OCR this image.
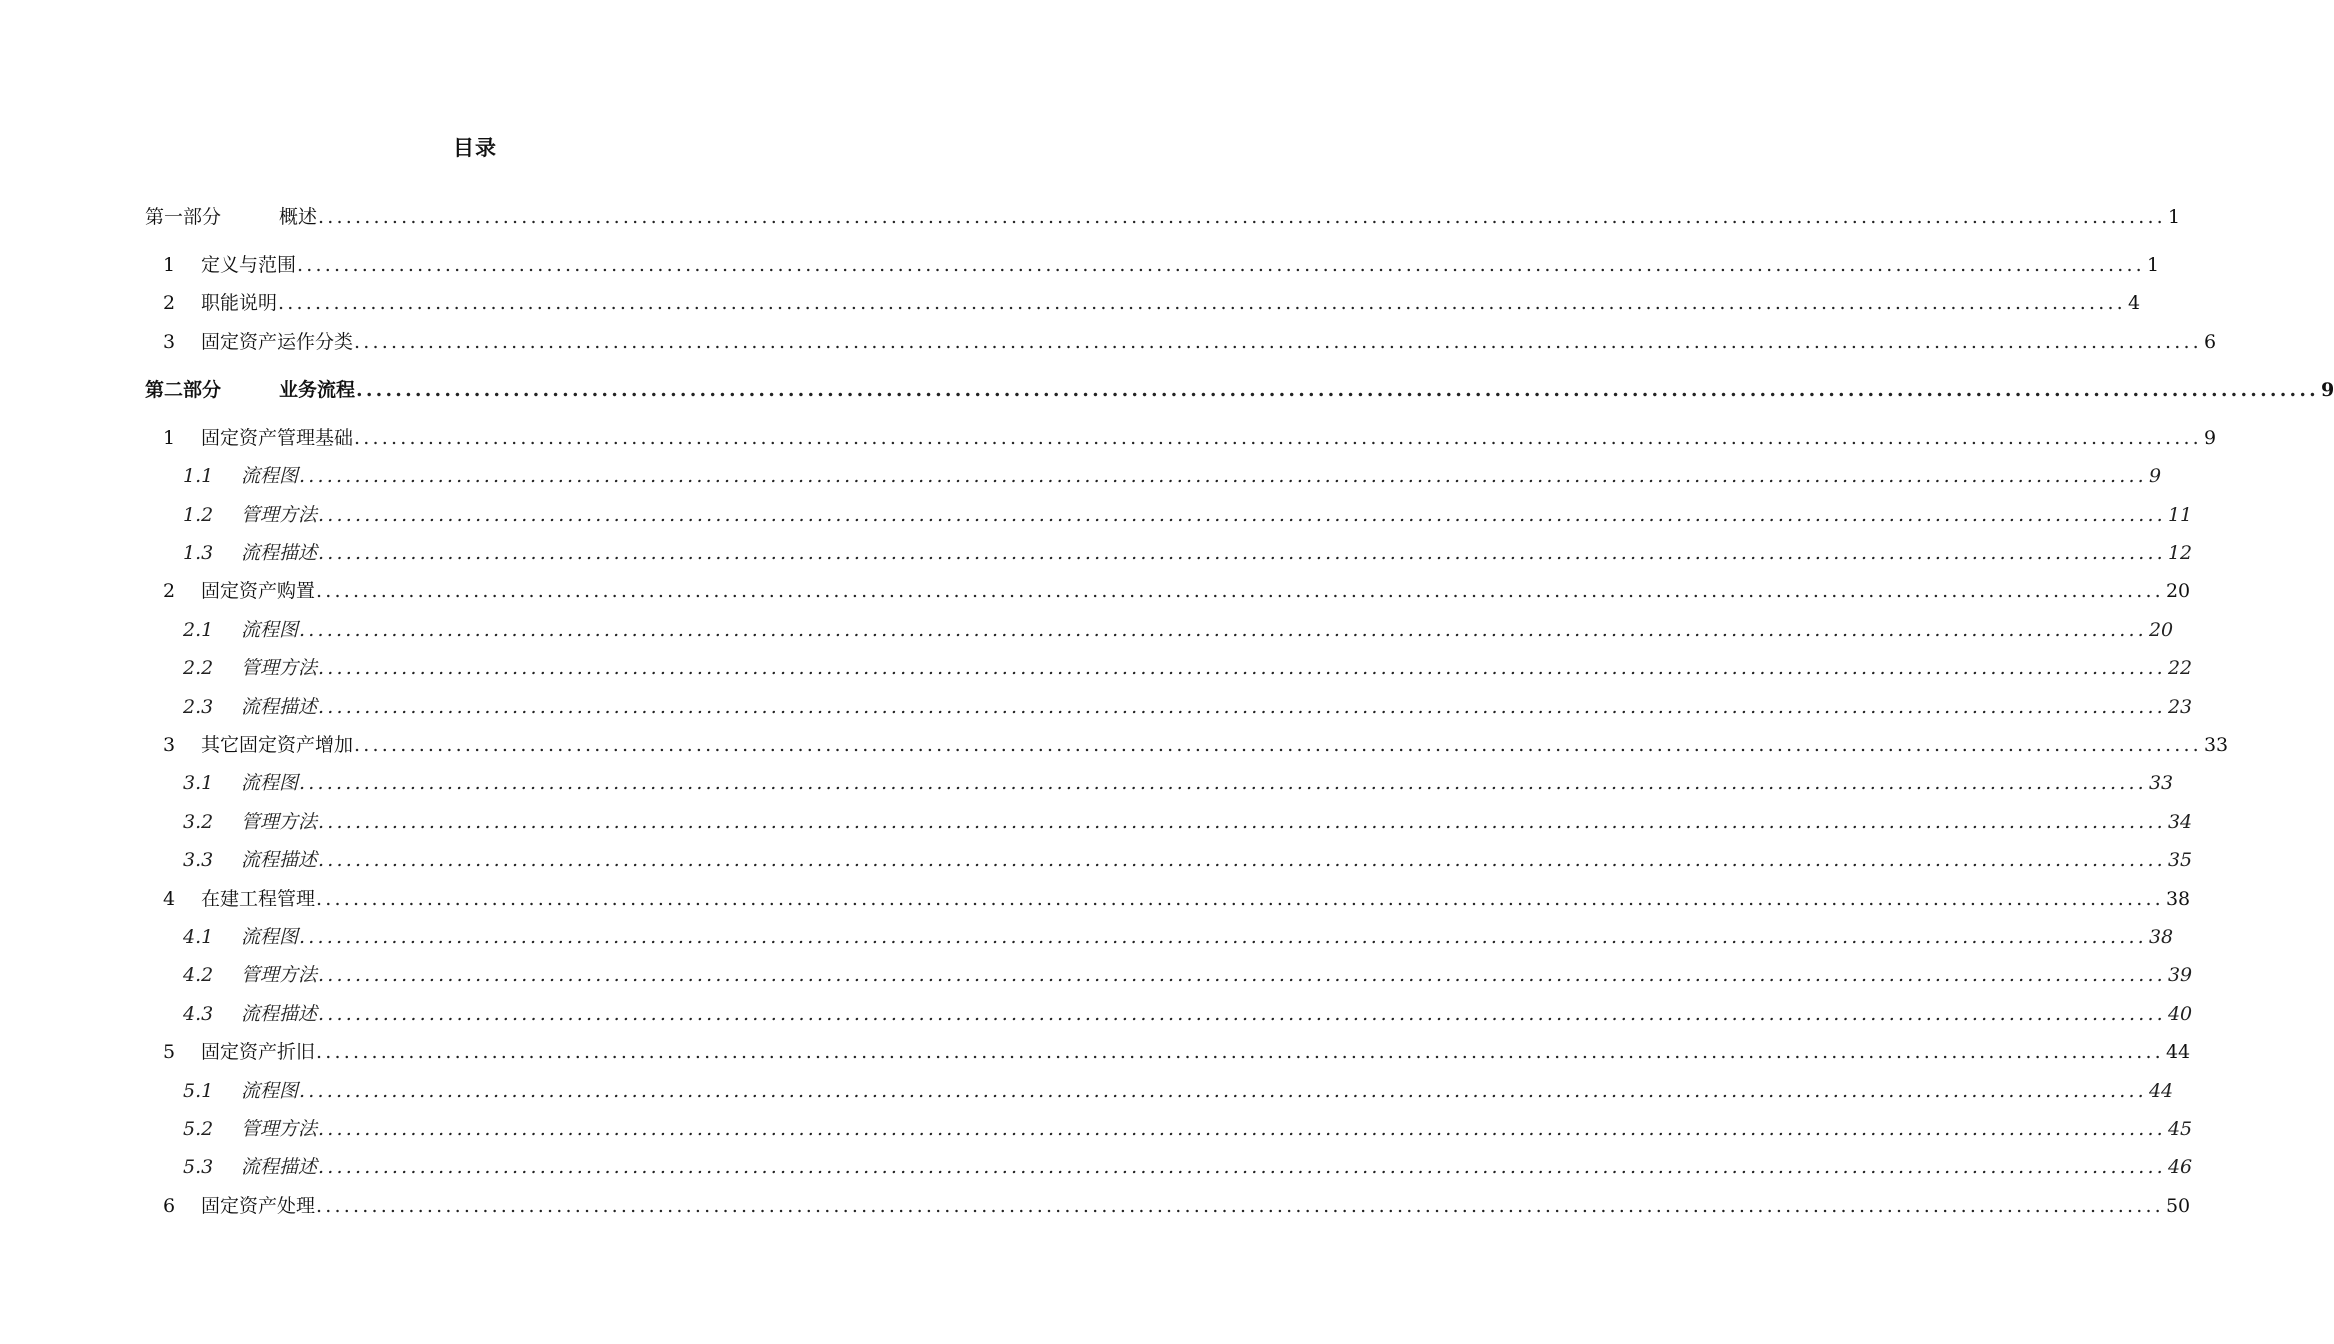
目录
第一部分	概述 ........................................................................................................................................................................................................ 1
1	定义与范围 ........................................................................................................................................................................................................ 1
2	职能说明 ........................................................................................................................................................................................................ 4
3	固定资产运作分类 ........................................................................................................................................................................................................ 6
第二部分	业务流程 ........................................................................................................................................................................................................ 9
1	固定资产管理基础 ........................................................................................................................................................................................................ 9
1.1	流程图 ........................................................................................................................................................................................................ 9
1.2	管理方法 ........................................................................................................................................................................................................ 11
1.3	流程描述 ........................................................................................................................................................................................................ 12
2	固定资产购置 ........................................................................................................................................................................................................ 20
2.1	流程图 ........................................................................................................................................................................................................ 20
2.2	管理方法 ........................................................................................................................................................................................................ 22
2.3	流程描述 ........................................................................................................................................................................................................ 23
3	其它固定资产增加 ........................................................................................................................................................................................................ 33
3.1	流程图 ........................................................................................................................................................................................................ 33
3.2	管理方法 ........................................................................................................................................................................................................ 34
3.3	流程描述 ........................................................................................................................................................................................................ 35
4	在建工程管理 ........................................................................................................................................................................................................ 38
4.1	流程图 ........................................................................................................................................................................................................ 38
4.2	管理方法 ........................................................................................................................................................................................................ 39
4.3	流程描述 ........................................................................................................................................................................................................ 40
5	固定资产折旧 ........................................................................................................................................................................................................ 44
5.1	流程图 ........................................................................................................................................................................................................ 44
5.2	管理方法 ........................................................................................................................................................................................................ 45
5.3	流程描述 ........................................................................................................................................................................................................ 46
6	固定资产处理 ........................................................................................................................................................................................................ 50
